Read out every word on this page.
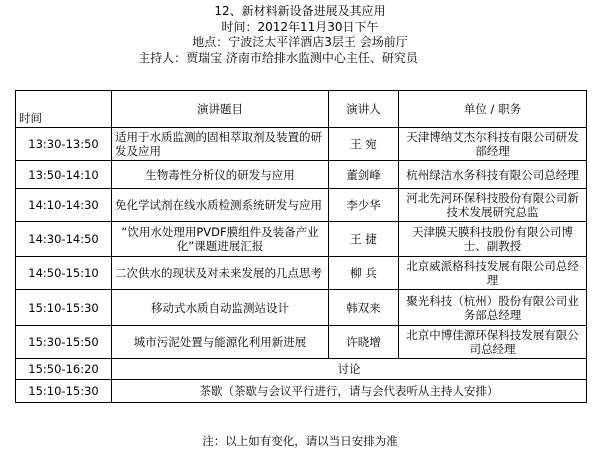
12、新材料新设备进展及其应用
时间：2012年11月30日下午
地点：宁波泛太平洋酒店3层王 会场前厅
主持人：贾瑞宝 济南市给排水监测中心主任、研究员
时间	演讲题目	演讲人	单位 / 职务
13:30-13:50	适用于水质监测的固相萃取剂及装置的研发及应用	王 宛	天津博纳艾杰尔科技有限公司研发部经理
13:50-14:10	生物毒性分析仪的研发与应用	董剑峰	杭州绿洁水务科技有限公司总经理
14:10-14:30	免化学试剂在线水质检测系统研发与应用	李少华	河北先河环保科技股份有限公司新技术发展研究总监
14:30-14:50	“饮用水处理用PVDF膜组件及装备产业化”课题进展汇报	王 捷	天津膜天膜科技股份有限公司博士、副教授
14:50-15:10	二次供水的现状及对未来发展的几点思考	柳 兵	北京威派格科技发展有限公司总经理
15:10-15:30	移动式水质自动监测站设计	韩双来	聚光科技（杭州）股份有限公司业务部总经理
15:30-15:50	城市污泥处置与能源化利用新进展	许晓增	北京中博佳源环保科技发展有限公司总经理
15:50-16:20	讨论		
15:10-15:30	茶歇（茶歇与会议平行进行，请与会代表听从主持人安排）		
注：以上如有变化，请以当日安排为准
